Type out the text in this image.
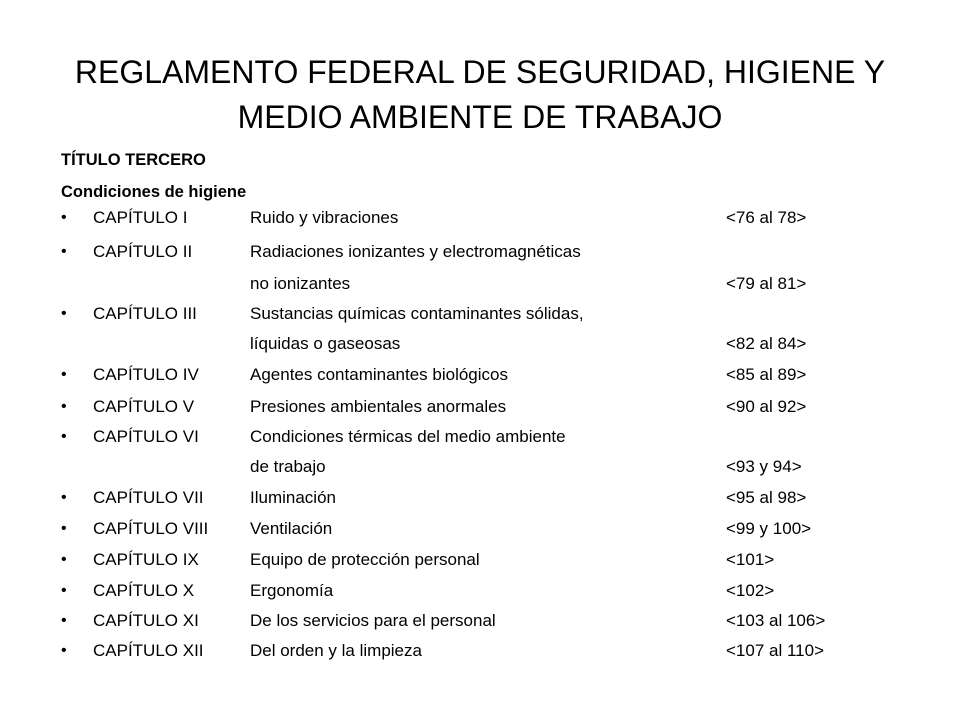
REGLAMENTO FEDERAL DE SEGURIDAD, HIGIENE Y
MEDIO AMBIENTE DE TRABAJO
TÍTULO TERCERO
Condiciones de higiene
• CAPÍTULO I	Ruido y vibraciones	<76 al 78>
• CAPÍTULO II	Radiaciones ionizantes y electromagnéticas
no ionizantes	<79 al 81>
• CAPÍTULO III	Sustancias químicas contaminantes sólidas,
líquidas o gaseosas	<82 al 84>
• CAPÍTULO IV	Agentes contaminantes biológicos	<85 al 89>
• CAPÍTULO V	Presiones ambientales anormales	<90 al 92>
• CAPÍTULO VI	Condiciones térmicas del medio ambiente
de trabajo	<93 y 94>
• CAPÍTULO VII	Iluminación	<95 al 98>
• CAPÍTULO VIII Ventilación	<99 y 100>
• CAPÍTULO IX	Equipo de protección personal	<101>
• CAPÍTULO X	Ergonomía	<102>
• CAPÍTULO XI	De los servicios para el personal	<103 al 106>
• CAPÍTULO XII	Del orden y la limpieza	<107 al 110>
